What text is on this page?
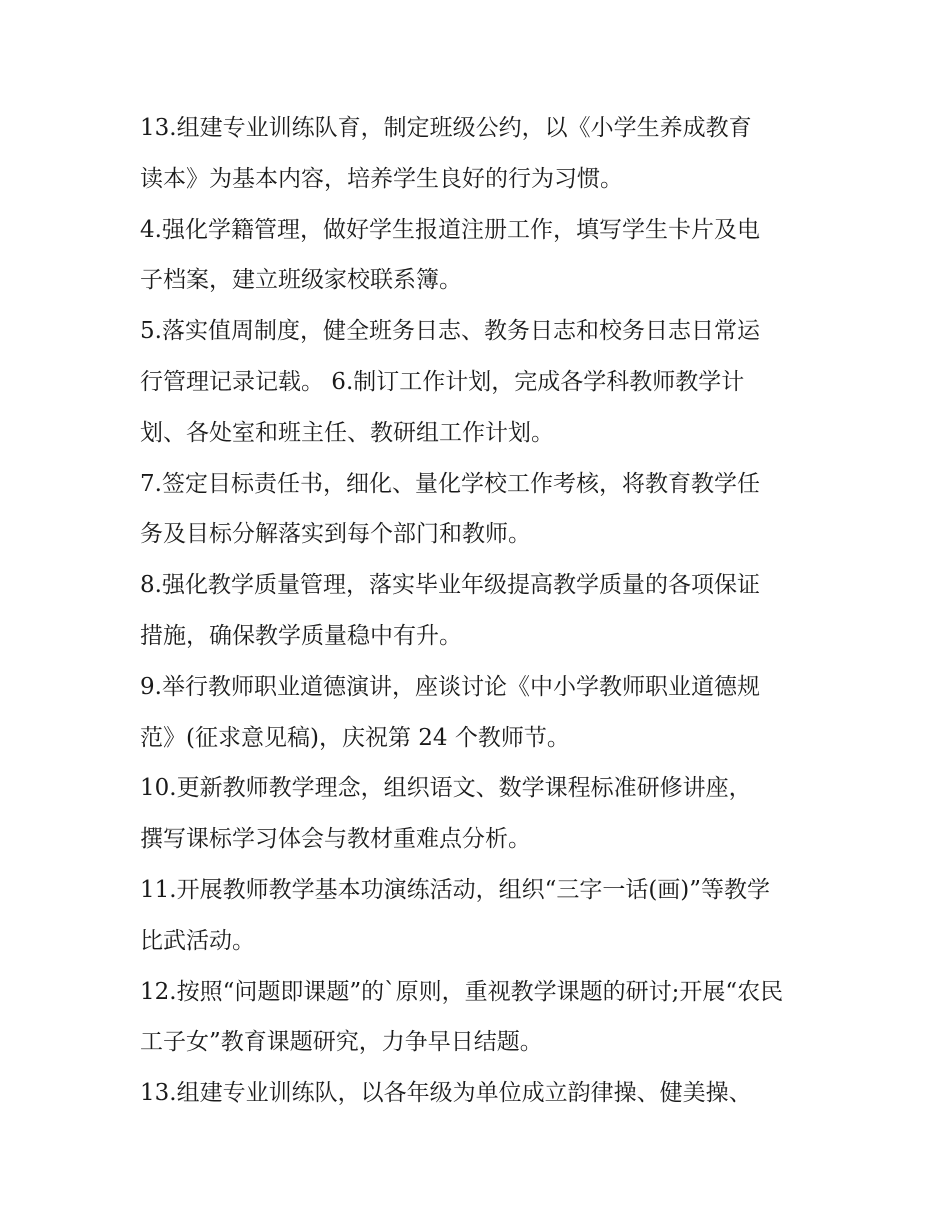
13.组建专业训练队育，制定班级公约，以《小学生养成教育
读本》为基本内容，培养学生良好的行为习惯。
4.强化学籍管理，做好学生报道注册工作，填写学生卡片及电
子档案，建立班级家校联系簿。
5.落实值周制度，健全班务日志、教务日志和校务日志日常运
行管理记录记载。 6.制订工作计划，完成各学科教师教学计
划、各处室和班主任、教研组工作计划。
7.签定目标责任书，细化、量化学校工作考核，将教育教学任
务及目标分解落实到每个部门和教师。
8.强化教学质量管理，落实毕业年级提高教学质量的各项保证
措施，确保教学质量稳中有升。
9.举行教师职业道德演讲，座谈讨论《中小学教师职业道德规
范》(征求意见稿)，庆祝第 24 个教师节。
10.更新教师教学理念，组织语文、数学课程标准研修讲座，
撰写课标学习体会与教材重难点分析。
11.开展教师教学基本功演练活动，组织“三字一话(画)”等教学
比武活动。
12.按照“问题即课题”的`原则，重视教学课题的研讨;开展“农民
工子女”教育课题研究，力争早日结题。
13.组建专业训练队，以各年级为单位成立韵律操、健美操、
